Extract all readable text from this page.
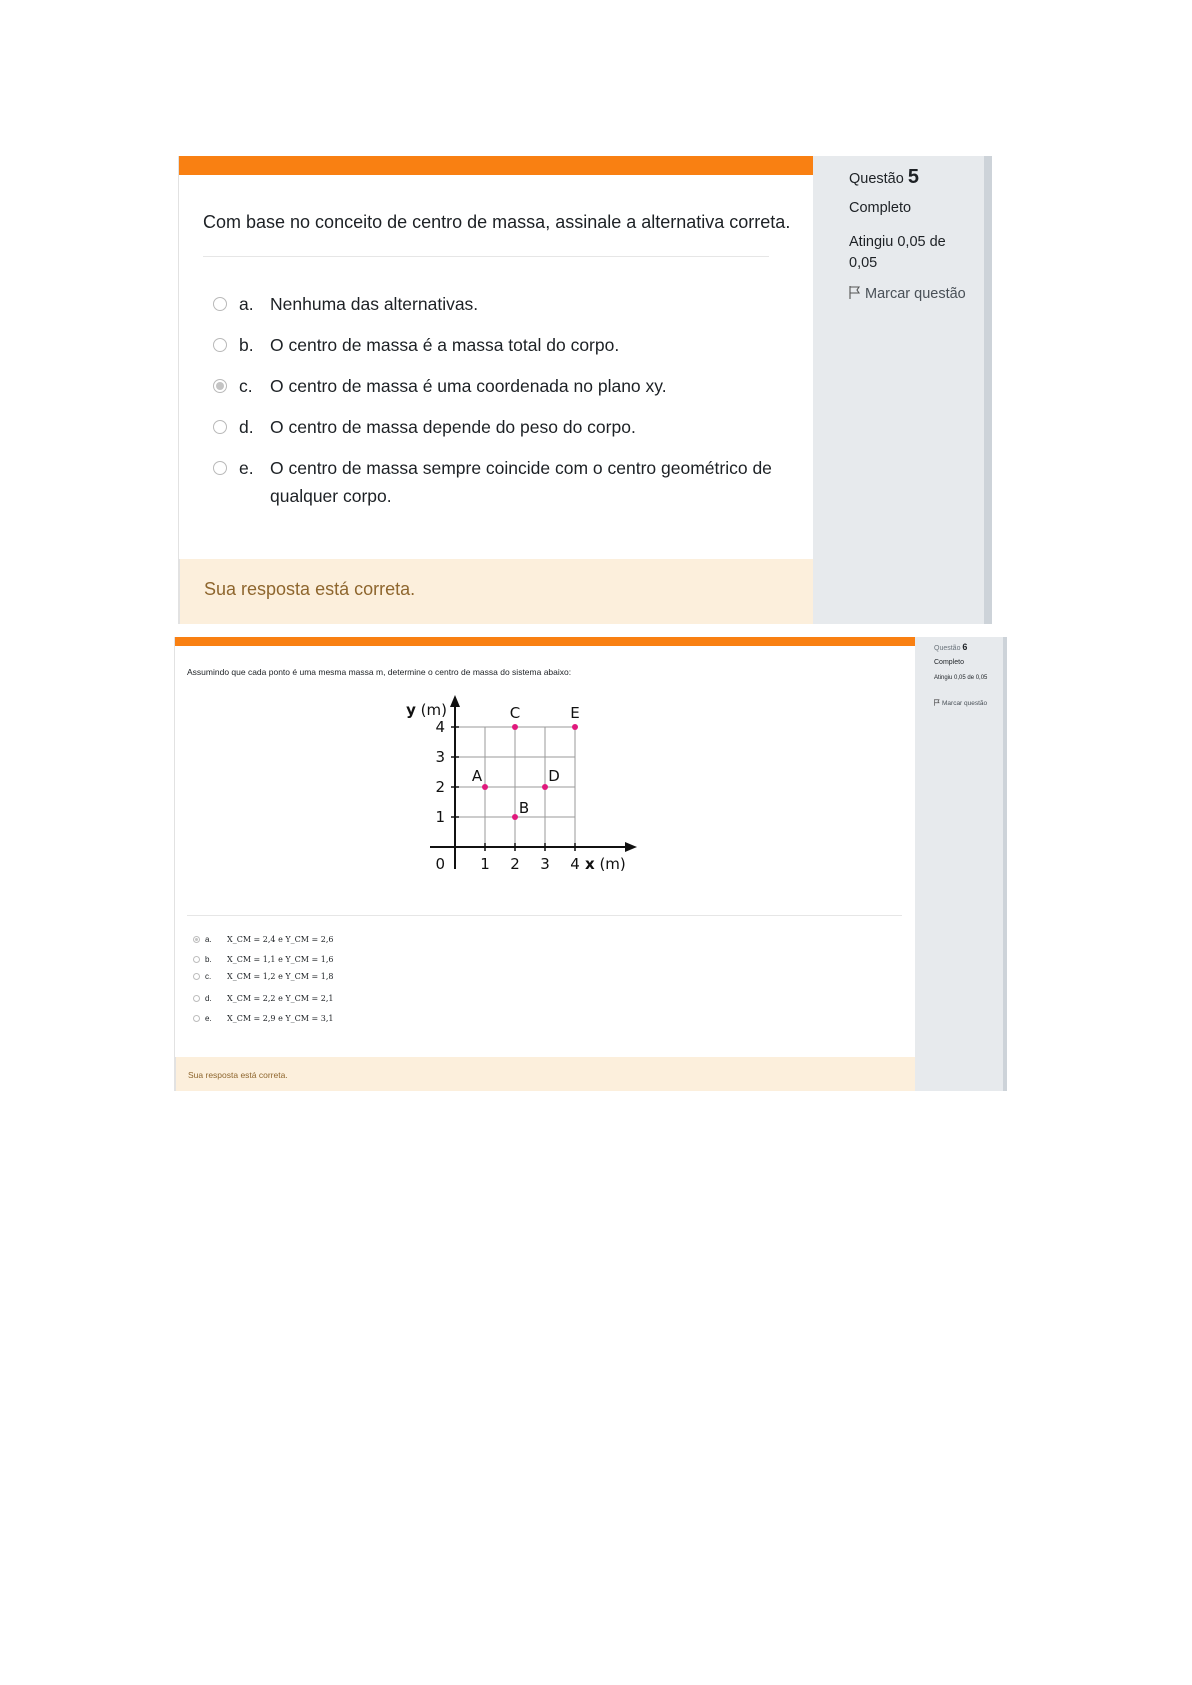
Com base no conceito de centro de massa, assinale a alternativa correta.
a. Nenhuma das alternativas.
b. O centro de massa é a massa total do corpo.
c. O centro de massa é uma coordenada no plano xy.
d. O centro de massa depende do peso do corpo.
e. O centro de massa sempre coincide com o centro geométrico de qualquer corpo.
Sua resposta está correta.
Questão 5
Completo
Atingiu 0,05 de 0,05
Marcar questão
Assumindo que cada ponto é uma mesma massa m, determine o centro de massa do sistema abaixo:
1 2 3 4
1
2
3
4
0	x (m)
y (m)
A
B
C
D
E
a. X_CM = 2,4 e Y_CM = 2,6
b. X_CM = 1,1 e Y_CM = 1,6
c. X_CM = 1,2 e Y_CM = 1,8
d. X_CM = 2,2 e Y_CM = 2,1
e. X_CM = 2,9 e Y_CM = 3,1
Sua resposta está correta.
Questão 6
Completo
Atingiu 0,05 de 0,05
Marcar questão
